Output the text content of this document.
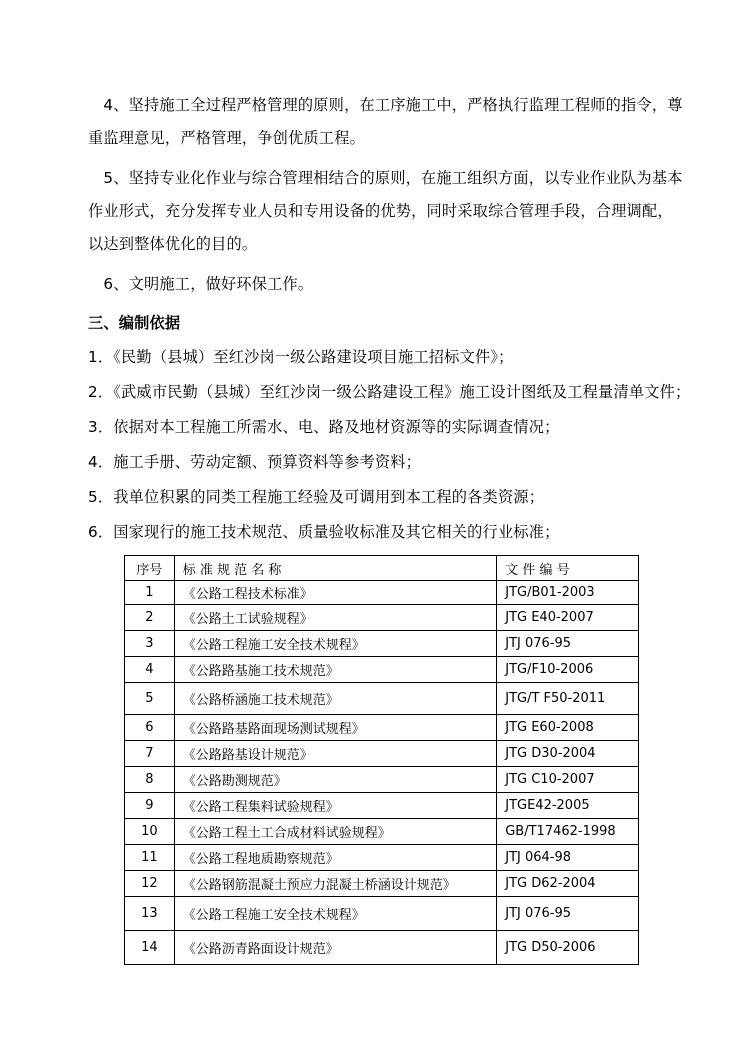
　4、坚持施工全过程严格管理的原则，在工序施工中，严格执行监理工程师的指令，尊
重监理意见，严格管理，争创优质工程。
　5、坚持专业化作业与综合管理相结合的原则，在施工组织方面，以专业作业队为基本
作业形式，充分发挥专业人员和专用设备的优势，同时采取综合管理手段，合理调配，
以达到整体优化的目的。
　6、文明施工，做好环保工作。
三、编制依据
1．《民勤（县城）至红沙岗一级公路建设项目施工招标文件》；
2．《武威市民勤（县城）至红沙岗一级公路建设工程》施工设计图纸及工程量清单文件；
3．依据对本工程施工所需水、电、路及地材资源等的实际调查情况；
4．施工手册、劳动定额、预算资料等参考资料；
5．我单位积累的同类工程施工经验及可调用到本工程的各类资源；
6．国家现行的施工技术规范、质量验收标准及其它相关的行业标准；
序号	标 准 规 范 名 称	文 件 编 号
1	《公路工程技术标准》	JTG/B01-2003
2	《公路土工试验规程》	JTG E40-2007
3	《公路工程施工安全技术规程》	JTJ 076-95
4	《公路路基施工技术规范》	JTG/F10-2006
5	《公路桥涵施工技术规范》	JTG/T F50-2011
6	《公路路基路面现场测试规程》	JTG E60-2008
7	《公路路基设计规范》	JTG D30-2004
8	《公路勘测规范》	JTG C10-2007
9	《公路工程集料试验规程》	JTGE42-2005
10	《公路工程土工合成材料试验规程》	GB/T17462-1998
11	《公路工程地质勘察规范》	JTJ 064-98
12	《公路钢筋混凝土预应力混凝土桥涵设计规范》	JTG D62-2004
13	《公路工程施工安全技术规程》	JTJ 076-95
14	《公路沥青路面设计规范》	JTG D50-2006
